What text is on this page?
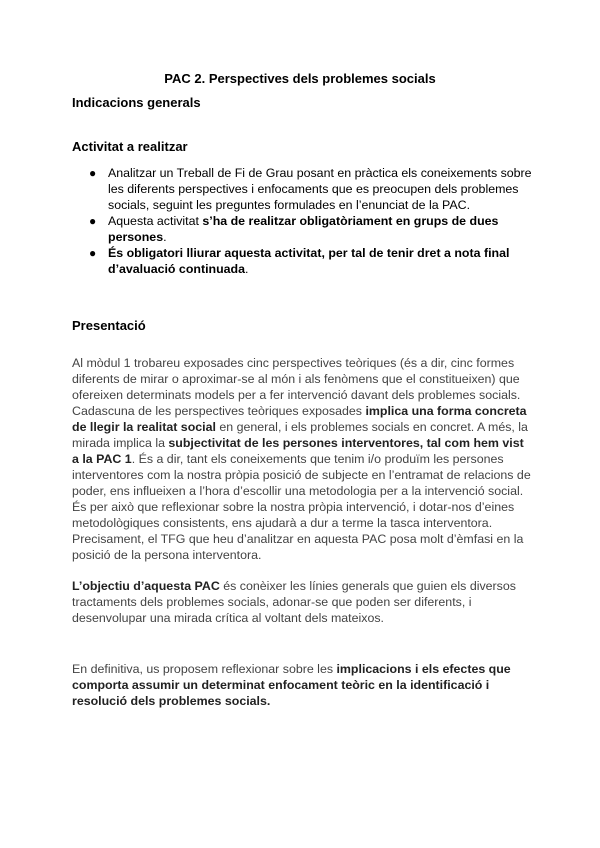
PAC 2. Perspectives dels problemes socials
Indicacions generals
Activitat a realitzar
● Analitzar un Treball de Fi de Grau posant en pràctica els coneixements sobre les diferents perspectives i enfocaments que es preocupen dels problemes socials, seguint les preguntes formulades en l’enunciat de la PAC.
● Aquesta activitat s’ha de realitzar obligatòriament en grups de dues persones.
● És obligatori lliurar aquesta activitat, per tal de tenir dret a nota final d’avaluació continuada.
Presentació

Al mòdul 1 trobareu exposades cinc perspectives teòriques (és a dir, cinc formes diferents de mirar o aproximar-se al món i als fenòmens que el constitueixen) que ofereixen determinats models per a fer intervenció davant dels problemes socials. Cadascuna de les perspectives teòriques exposades implica una forma concreta de llegir la realitat social en general, i els problemes socials en concret. A més, la mirada implica la subjectivitat de les persones interventores, tal com hem vist a la PAC 1. És a dir, tant els coneixements que tenim i/o produïm les persones interventores com la nostra pròpia posició de subjecte en l’entramat de relacions de poder, ens influeixen a l’hora d’escollir una metodologia per a la intervenció social. És per això que reflexionar sobre la nostra pròpia intervenció, i dotar-nos d’eines metodològiques consistents, ens ajudarà a dur a terme la tasca interventora. Precisament, el TFG que heu d’analitzar en aquesta PAC posa molt d’èmfasi en la posició de la persona interventora.

L’objectiu d’aquesta PAC és conèixer les línies generals que guien els diversos tractaments dels problemes socials, adonar-se que poden ser diferents, i desenvolupar una mirada crítica al voltant dels mateixos.

En definitiva, us proposem reflexionar sobre les implicacions i els efectes que comporta assumir un determinat enfocament teòric en la identificació i resolució dels problemes socials.
